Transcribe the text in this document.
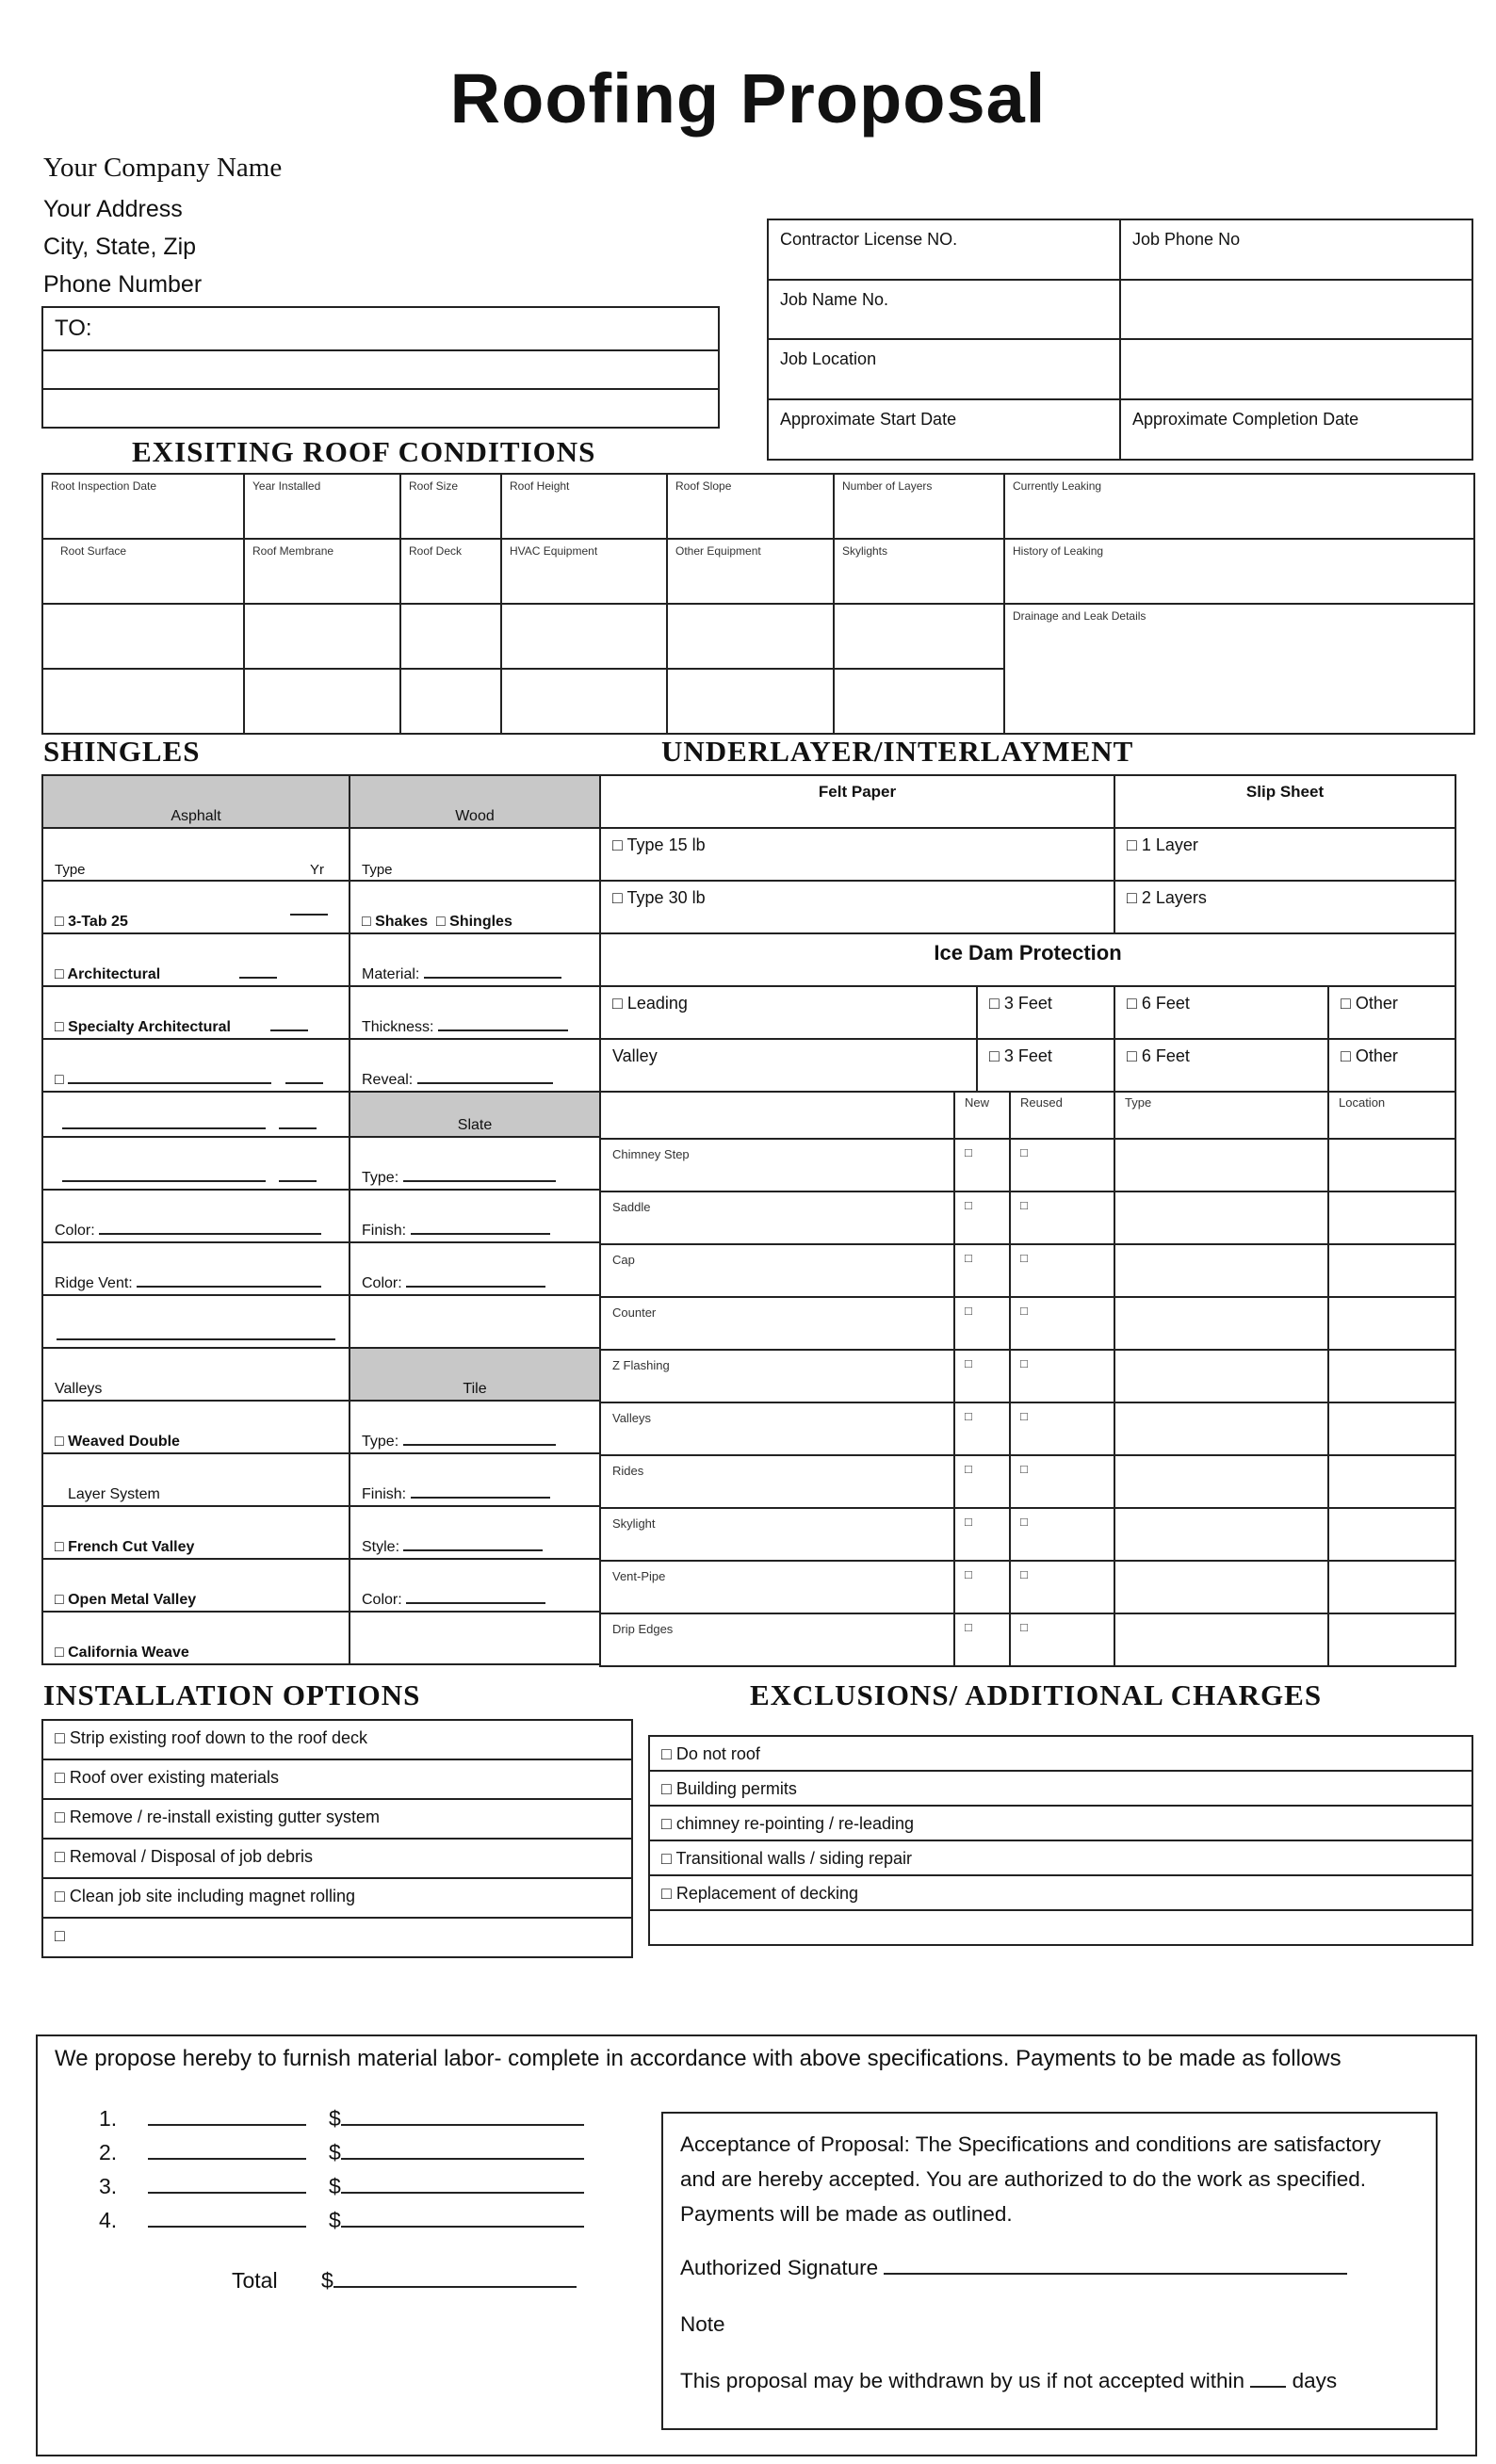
Roofing Proposal
Your Company Name
Your Address
City, State, Zip
Phone Number
TO:

Contractor License NO.	Job Phone No
Job Name No.	
Job Location	
Approximate Start Date	Approximate Completion Date
EXISITING ROOF CONDITIONS
Root Inspection Date	Year Installed	Roof Size	Roof Height	Roof Slope	Number of Layers	Currently Leaking
Root Surface	Roof Membrane	Roof Deck	HVAC Equipment	Other Equipment	Skylights	History of Leaking
						Drainage and Leak Details

SHINGLES	UNDERLAYER/INTERLAYMENT
Asphalt	Wood
Type Yr	Type
□ 3-Tab 25	□ Shakes □ Shingles
□ Architectural	Material:
□ Specialty Architectural	Thickness:
□	Reveal:
	Slate
	Type:
Color:	Finish:
Ridge Vent:	Color:

Valleys	Tile
□ Weaved Double	Type:
Layer System	Finish:
□ French Cut Valley	Style:
□ Open Metal Valley	Color:
□ California Weave	
Felt Paper		Slip Sheet	
□ Type 15 lb		□ 1 Layer	
□ Type 30 lb		□ 2 Layers	
Ice Dam Protection			
□ Leading	□ 3 Feet	□ 6 Feet	□ Other
Valley	□ 3 Feet	□ 6 Feet	□ Other
	New	Reused	Type	Location
Chimney Step	□	□		
Saddle	□	□		
Cap	□	□		
Counter	□	□		
Z Flashing	□	□		
Valleys	□	□		
Rides	□	□		
Skylight	□	□		
Vent-Pipe	□	□		
Drip Edges	□	□		
INSTALLATION OPTIONS
□ Strip existing roof down to the roof deck
□ Roof over existing materials
□ Remove / re-install existing gutter system
□ Removal / Disposal of job debris
□ Clean job site including magnet rolling
□
EXCLUSIONS/ ADDITIONAL CHARGES
□ Do not roof
□ Building permits
□ chimney re-pointing / re-leading
□ Transitional walls / siding repair
□ Replacement of decking

We propose hereby to furnish material labor- complete in accordance with above specifications. Payments to be made as follows
1.	$
2.	$
3.	$
4.	$
Total $
Acceptance of Proposal: The Specifications and conditions are satisfactory and are hereby accepted. You are authorized to do the work as specified. Payments will be made as outlined.
Authorized Signature
Note
This proposal may be withdrawn by us if not accepted within days
